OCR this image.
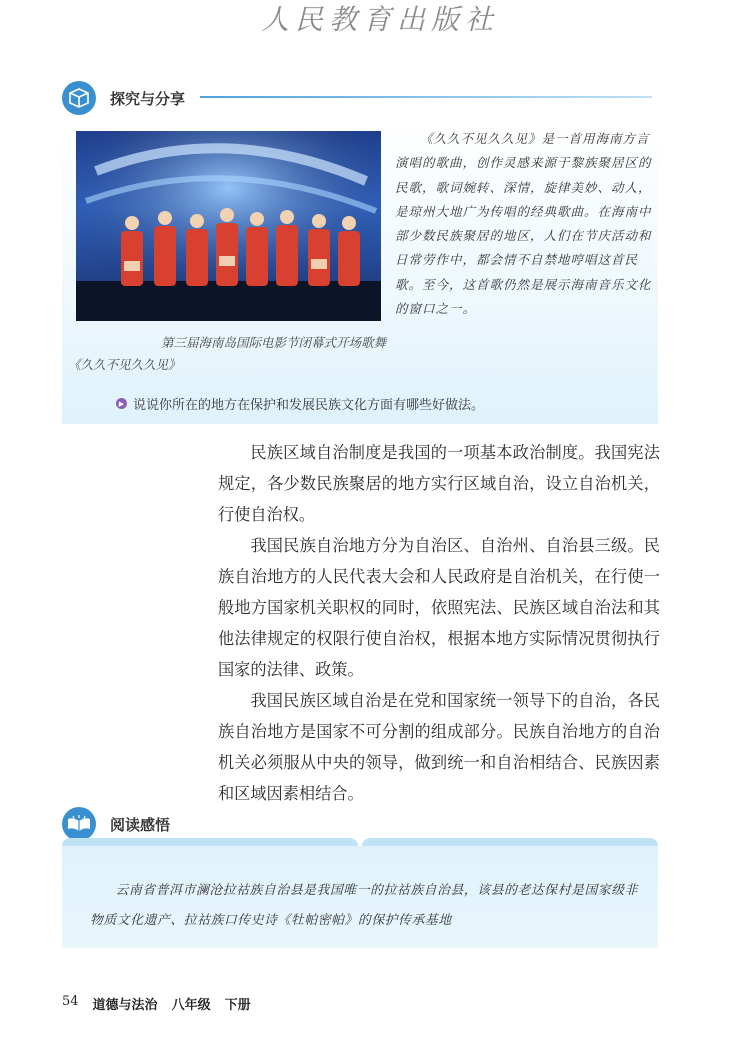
人民教育出版社
探究与分享
第三届海南岛国际电影节闭幕式开场歌舞
《久久不见久久见》
《久久不见久久见》是一首用海南方言演唱的歌曲，创作灵感来源于黎族聚居区的民歌，歌词婉转、深情，旋律美妙、动人，是琼州大地广为传唱的经典歌曲。在海南中部少数民族聚居的地区，人们在节庆活动和日常劳作中，都会情不自禁地哼唱这首民歌。至今，这首歌仍然是展示海南音乐文化的窗口之一。
▶ 说说你所在的地方在保护和发展民族文化方面有哪些好做法。

民族区域自治制度是我国的一项基本政治制度。我国宪法规定，各少数民族聚居的地方实行区域自治，设立自治机关，行使自治权。

我国民族自治地方分为自治区、自治州、自治县三级。民族自治地方的人民代表大会和人民政府是自治机关，在行使一般地方国家机关职权的同时，依照宪法、民族区域自治法和其他法律规定的权限行使自治权，根据本地方实际情况贯彻执行国家的法律、政策。

我国民族区域自治是在党和国家统一领导下的自治，各民族自治地方是国家不可分割的组成部分。民族自治地方的自治机关必须服从中央的领导，做到统一和自治相结合、民族因素和区域因素相结合。

阅读感悟
云南省普洱市澜沧拉祜族自治县是我国唯一的拉祜族自治县，该县的老达保村是国家级非物质文化遗产、拉祜族口传史诗《牡帕密帕》的保护传承基地
54 道德与法治 八年级 下册
